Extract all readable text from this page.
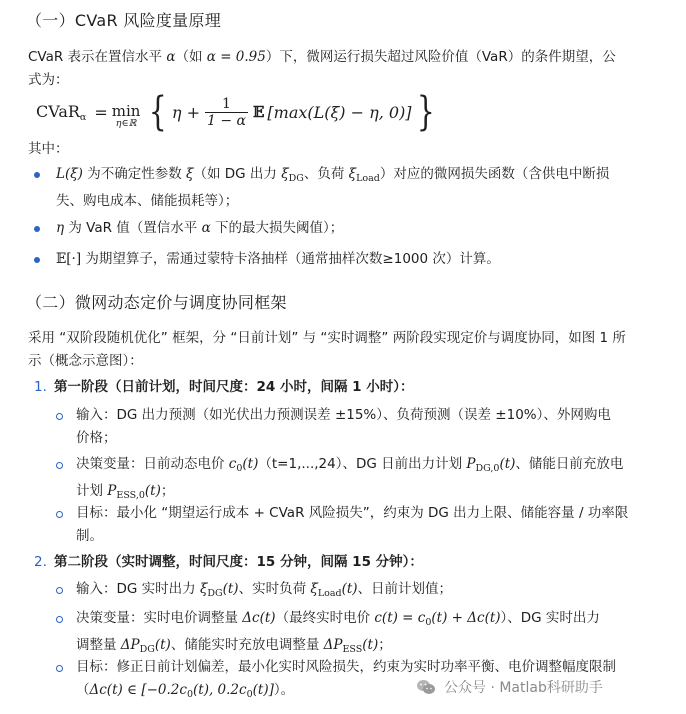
（一）CVaR 风险度量原理
CVaR 表示在置信水平 α（如 α = 0.95）下，微网运行损失超过风险价值（VaR）的条件期望，公
式为：
CVaR$_\alpha$ = min
η∈ℝ { $\eta + \frac{1}{1 - \alpha}$ 𝔼 [max(L(ξ) − η, 0)] }
其中：
L(ξ) 为不确定性参数 ξ（如 DG 出力 $\xi_{DG}$、负荷 $\xi_{Load}$）对应的微网损失函数（含供电中断损
失、购电成本、储能损耗等）；
η 为 VaR 值（置信水平 α 下的最大损失阈值）；
𝔼[·] 为期望算子，需通过蒙特卡洛抽样（通常抽样次数≥1000 次）计算。
（二）微网动态定价与调度协同框架
采用 “双阶段随机优化” 框架，分 “日前计划” 与 “实时调整” 两阶段实现定价与调度协同，如图 1 所
示（概念示意图）：
1. 第一阶段（日前计划，时间尺度：24 小时，间隔 1 小时）：
输入：DG 出力预测（如光伏出力预测误差 ±15%）、负荷预测（误差 ±10%）、外网购电
价格；
决策变量：日前动态电价 $c_0(t)(t=1,...,24)$、DG 日前出力计划 $P_{DG,0}(t)$、储能日前充放电
计划 $P_{ESS,0}(t)$；
目标：最小化 “期望运行成本 + CVaR 风险损失”，约束为 DG 出力上限、储能容量 / 功率限
制。
2. 第二阶段（实时调整，时间尺度：15 分钟，间隔 15 分钟）：
输入：DG 实时出力 $\xi_{DG}(t)$、实时负荷 $\xi_{Load}(t)$、日前计划值；
决策变量：实时电价调整量 Δc(t)（最终实时电价 $c(t) = c_0(t) + \Delta c(t)$）、DG 实时出力
调整量 $\Delta P_{DG}(t)$、储能实时充放电调整量 $\Delta P_{ESS}(t)$；
目标：修正日前计划偏差，最小化实时风险损失，约束为实时功率平衡、电价调整幅度限制
（Δc(t) ∈ [$-0.2c_0(t)$, $0.2c_0(t)$]）。	公众号 · Matlab科研助手
